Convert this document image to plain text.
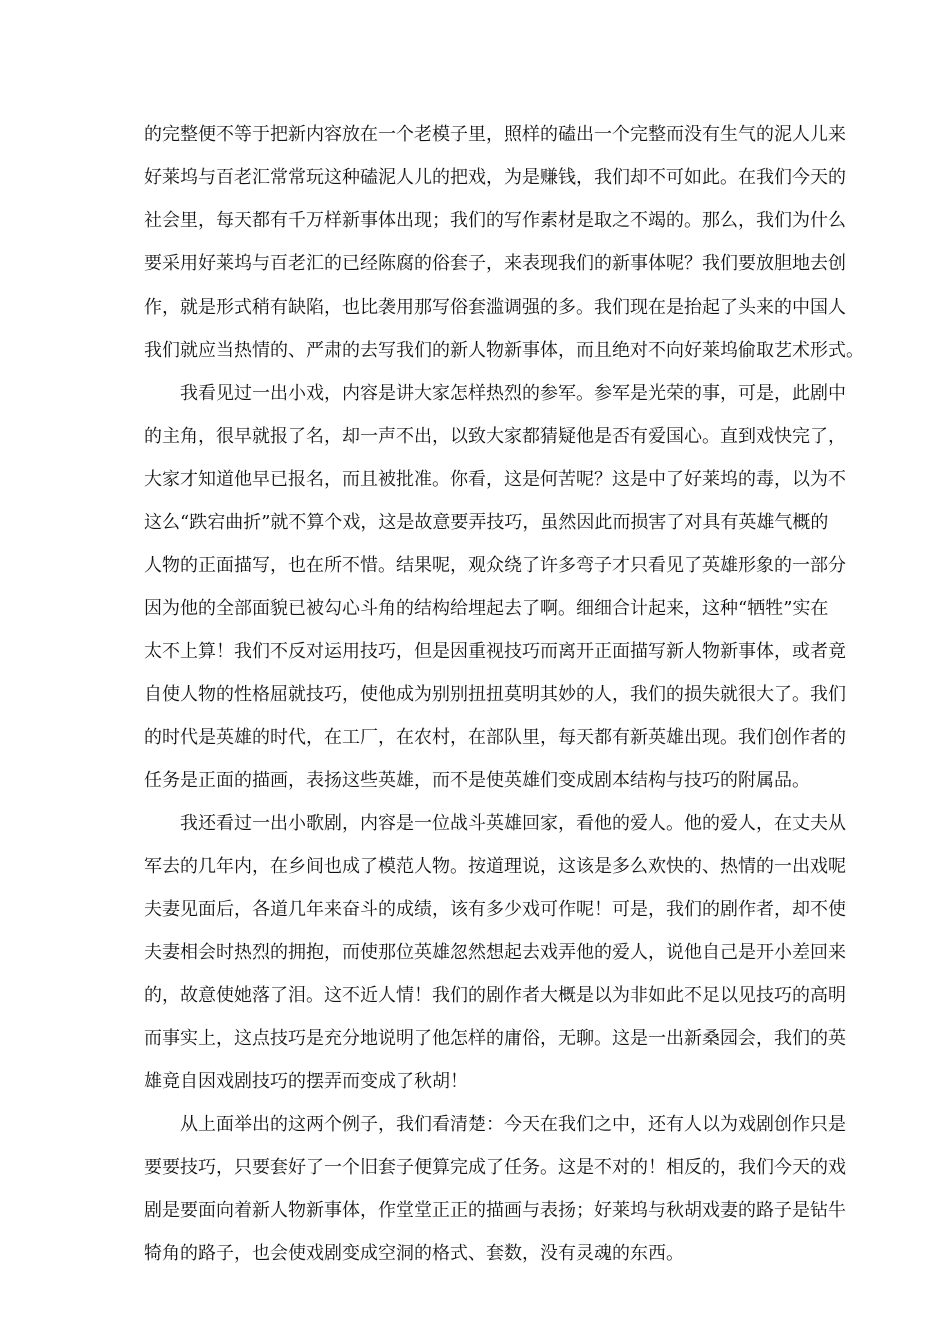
的完整便不等于把新内容放在一个老模子里，照样的磕出一个完整而没有生气的泥人儿来
好莱坞与百老汇常常玩这种磕泥人儿的把戏，为是赚钱，我们却不可如此。在我们今天的
社会里，每天都有千万样新事体出现；我们的写作素材是取之不竭的。那么，我们为什么
要采用好莱坞与百老汇的已经陈腐的俗套子，来表现我们的新事体呢？我们要放胆地去创
作，就是形式稍有缺陷，也比袭用那写俗套滥调强的多。我们现在是抬起了头来的中国人
我们就应当热情的、严肃的去写我们的新人物新事体，而且绝对不向好莱坞偷取艺术形式。
我看见过一出小戏，内容是讲大家怎样热烈的参军。参军是光荣的事，可是，此剧中
的主角，很早就报了名，却一声不出，以致大家都猜疑他是否有爱国心。直到戏快完了，
大家才知道他早已报名，而且被批准。你看，这是何苦呢？这是中了好莱坞的毒，以为不
这么“跌宕曲折”就不算个戏，这是故意要弄技巧，虽然因此而损害了对具有英雄气概的
人物的正面描写，也在所不惜。结果呢，观众绕了许多弯子才只看见了英雄形象的一部分
因为他的全部面貌已被勾心斗角的结构给埋起去了啊。细细合计起来，这种“牺牲”实在
太不上算！我们不反对运用技巧，但是因重视技巧而离开正面描写新人物新事体，或者竟
自使人物的性格屈就技巧，使他成为别别扭扭莫明其妙的人，我们的损失就很大了。我们
的时代是英雄的时代，在工厂，在农村，在部队里，每天都有新英雄出现。我们创作者的
任务是正面的描画，表扬这些英雄，而不是使英雄们变成剧本结构与技巧的附属品。
我还看过一出小歌剧，内容是一位战斗英雄回家，看他的爱人。他的爱人，在丈夫从
军去的几年内，在乡间也成了模范人物。按道理说，这该是多么欢快的、热情的一出戏呢
夫妻见面后，各道几年来奋斗的成绩，该有多少戏可作呢！可是，我们的剧作者，却不使
夫妻相会时热烈的拥抱，而使那位英雄忽然想起去戏弄他的爱人，说他自己是开小差回来
的，故意使她落了泪。这不近人情！我们的剧作者大概是以为非如此不足以见技巧的高明
而事实上，这点技巧是充分地说明了他怎样的庸俗，无聊。这是一出新桑园会，我们的英
雄竟自因戏剧技巧的摆弄而变成了秋胡！
从上面举出的这两个例子，我们看清楚：今天在我们之中，还有人以为戏剧创作只是
要要技巧，只要套好了一个旧套子便算完成了任务。这是不对的！相反的，我们今天的戏
剧是要面向着新人物新事体，作堂堂正正的描画与表扬；好莱坞与秋胡戏妻的路子是钻牛
犄角的路子，也会使戏剧变成空洞的格式、套数，没有灵魂的东西。
